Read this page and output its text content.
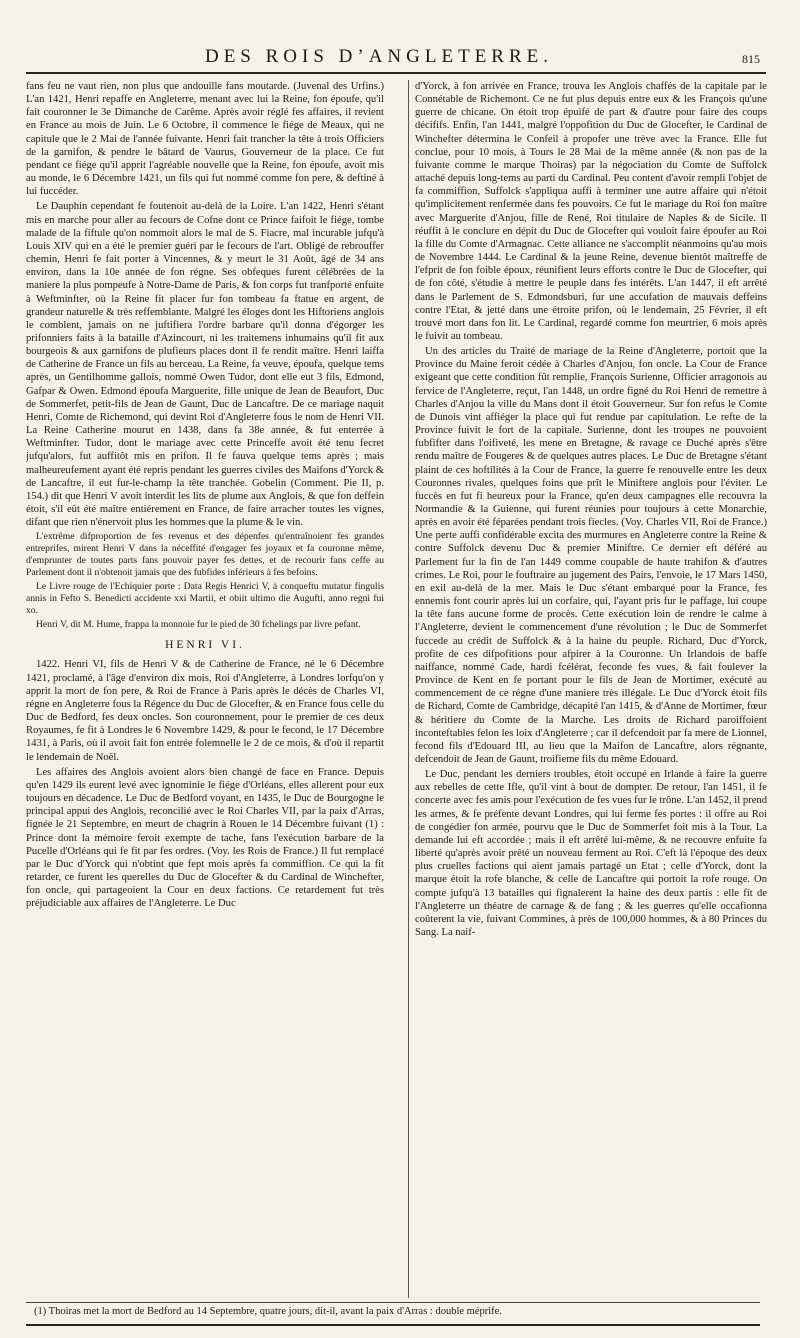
DES ROIS D’ANGLETERRE.	815

fans feu ne vaut rien, non plus que andouille fans moutarde. (Juvenal des Urfins.) L'an 1421, Henri repaffe en Angleterre, menant avec lui la Reine, fon époufe, qu'il fait couronner le 3e Dimanche de Carême. Après avoir réglé fes affaires, il revient en France au mois de Juin. Le 6 Octobre, il commence le fiége de Meaux, qui ne capitule que le 2 Mai de l'année fuivante. Henri fait trancher la tête à trois Officiers de la garnifon, & pendre le bâtard de Vaurus, Gouverneur de la place. Ce fut pendant ce fiége qu'il apprit l'agréable nouvelle que la Reine, fon époufe, avoit mis au monde, le 6 Décembre 1421, un fils qui fut nommé comme fon pere, & deftiné à lui fuccéder.

Le Dauphin cependant fe foutenoit au-delà de la Loire. L'an 1422, Henri s'étant mis en marche pour aller au fecours de Cofne dont ce Prince faifoit le fiége, tombe malade de la fiftule qu'on nommoit alors le mal de S. Fiacre, mal incurable jufqu'à Louis XIV qui en a été le premier guéri par le fecours de l'art. Obligé de rebrouffer chemin, Henri fe fait porter à Vincennes, & y meurt le 31 Août, âgé de 34 ans environ, dans la 10e année de fon régne. Ses obfeques furent célébrées de la maniere la plus pompeufe à Notre-Dame de Paris, & fon corps fut tranfporté enfuite à Weftminfter, où la Reine fit placer fur fon tombeau fa ftatue en argent, de grandeur naturelle & très reffemblante. Malgré les éloges dont les Hiftoriens anglois le comblent, jamais on ne juftifiera l'ordre barbare qu'il donna d'égorger les prifonniers faits à la bataille d'Azincourt, ni les traitemens inhumains qu'il fit aux bourgeois & aux garnifons de plufieurs places dont il fe rendit maître. Henri laiffa de Catherine de France un fils au berceau. La Reine, fa veuve, époufa, quelque tems après, un Gentilhomme gallois, nommé Owen Tudor, dont elle eut 3 fils, Edmond, Gafpar & Owen. Edmond époufa Marguerite, fille unique de Jean de Beaufort, Duc de Sommerfet, petit-fils de Jean de Gaunt, Duc de Lancaftre. De ce mariage naquit Henri, Comte de Richemond, qui devint Roi d'Angleterre fous le nom de Henri VII. La Reine Catherine mourut en 1438, dans fa 38e année, & fut enterrée à Weftminfter. Tudor, dont le mariage avec cette Princeffe avoit été tenu fecret jufqu'alors, fut auffitôt mis en prifon. Il fe fauva quelque tems après ; mais malheureufement ayant été repris pendant les guerres civiles des Maifons d'Yorck & de Lancaftre, il eut fur-le-champ la tête tranchée. Gobelin (Comment. Pie II, p. 154.) dit que Henri V avoit interdit les lits de plume aux Anglois, & que fon deffein étoit, s'il eût été maître entiérement en France, de faire arracher toutes les vignes, difant que rien n'énervoit plus les hommes que la plume & le vin.

L'extrême difproportion de fes revenus et des dépenfes qu'entraînoient fes grandes entreprifes, mirent Henri V dans la néceffité d'engager fes joyaux et fa couronne même, d'emprunter de toutes parts fans pouvoir payer fes dettes, et de recourir fans ceffe au Parlement dont il n'obtenoit jamais que des fubfides inférieurs à fes befoins.

Le Livre rouge de l'Echiquier porte : Data Regis Henrici V, à conqueftu mutatur fingulis annis in Fefto S. Benedicti accidente xxi Martii, et obiit ultimo die Augufti, anno regni fui xo.

Henri V, dit M. Hume, frappa la monnoie fur le pied de 30 fchelings par livre pefant.

HENRI VI.

1422. Henri VI, fils de Henri V & de Catherine de France, né le 6 Décembre 1421, proclamé, à l'âge d'environ dix mois, Roi d'Angleterre, à Londres lorfqu'on y apprit la mort de fon pere, & Roi de France à Paris après le décès de Charles VI, régne en Angleterre fous la Régence du Duc de Glocefter, & en France fous celle du Duc de Bedford, fes deux oncles. Son couronnement, pour le premier de ces deux Royaumes, fe fit à Londres le 6 Novembre 1429, & pour le fecond, le 17 Décembre 1431, à Paris, où il avoit fait fon entrée folemnelle le 2 de ce mois, & d'où il repartit le lendemain de Noël.

Les affaires des Anglois avoient alors bien changé de face en France. Depuis qu'en 1429 ils eurent levé avec ignominie le fiége d'Orléans, elles allerent pour eux toujours en décadence. Le Duc de Bedford voyant, en 1435, le Duc de Bourgogne le principal appui des Anglois, reconcilié avec le Roi Charles VII, par la paix d'Arras, fignée le 21 Septembre, en meurt de chagrin à Rouen le 14 Décembre fuivant (1) : Prince dont la mémoire feroit exempte de tache, fans l'exécution barbare de la Pucelle d'Orléans qui fe fit par fes ordres. (Voy. les Rois de France.) Il fut remplacé par le Duc d'Yorck qui n'obtint que fept mois après fa commiffion. Ce qui la fit retarder, ce furent les querelles du Duc de Glocefter & du Cardinal de Winchefter, fon oncle, qui partageoient la Cour en deux factions. Ce retardement fut très préjudiciable aux affaires de l'Angleterre. Le Duc

d'Yorck, à fon arrivée en France, trouva les Anglois chaffés de la capitale par le Connétable de Richemont. Ce ne fut plus depuis entre eux & les François qu'une guerre de chicane. On étoit trop épuifé de part & d'autre pour faire des coups décififs. Enfin, l'an 1441, malgré l'oppofition du Duc de Glocefter, le Cardinal de Winchefter détermina le Confeil à propofer une trève avec la France. Elle fut conclue, pour 10 mois, à Tours le 28 Mai de la même année (& non pas de la fuivante comme le marque Thoiras) par la négociation du Comte de Suffolck attaché depuis long-tems au parti du Cardinal. Peu content d'avoir rempli l'objet de fa commiffion, Suffolck s'appliqua auffi à terminer une autre affaire qui n'étoit qu'implicitement renfermée dans fes pouvoirs. Ce fut le mariage du Roi fon maître avec Marguerite d'Anjou, fille de René, Roi titulaire de Naples & de Sicile. Il réuffit à le conclure en dépit du Duc de Glocefter qui vouloit faire époufer au Roi la fille du Comte d'Armagnac. Cette alliance ne s'accomplit néanmoins qu'au mois de Novembre 1444. Le Cardinal & la jeune Reine, devenue bientôt maîtreffe de l'efprit de fon foible époux, réunifient leurs efforts contre le Duc de Glocefter, qui de fon côté, s'étudie à mettre le peuple dans fes intérêts. L'an 1447, il eft arrêté dans le Parlement de S. Edmondsburi, fur une accufation de mauvais deffeins contre l'Etat, & jetté dans une étroite prifon, où le lendemain, 25 Février, il eft trouvé mort dans fon lit. Le Cardinal, regardé comme fon meurtrier, 6 mois après le fuivit au tombeau.

Un des articles du Traité de mariage de la Reine d'Angleterre, portoit que la Province du Maine feroit cédée à Charles d'Anjou, fon oncle. La Cour de France exigeant que cette condition fût remplie, François Surienne, Officier arragonois au fervice de l'Angleterre, reçut, l'an 1448, un ordre figné du Roi Henri de remettre à Charles d'Anjou la ville du Mans dont il étoit Gouverneur. Sur fon refus le Comte de Dunois vint affiéger la place qui fut rendue par capitulation. Le refte de la Province fuivit le fort de la capitale. Surienne, dont les troupes ne pouvoient fubfifter dans l'oifiveté, les mene en Bretagne, & ravage ce Duché après s'être rendu maître de Fougeres & de quelques autres places. Le Duc de Bretagne s'étant plaint de ces hoftilités à la Cour de France, la guerre fe renouvelle entre les deux Couronnes rivales, quelques foins que prît le Miniftere anglois pour l'éviter. Le fuccès en fut fi heureux pour la France, qu'en deux campagnes elle recouvra la Normandie & la Guienne, qui furent réunies pour toujours à cette Monarchie, après en avoir été féparées pendant trois fiecles. (Voy. Charles VII, Roi de France.) Une perte auffi confidérable excita des murmures en Angleterre contre la Reine & contre Suffolck devenu Duc & premier Miniftre. Ce dernier eft déféré au Parlement fur la fin de l'an 1449 comme coupable de haute trahifon & d'autres crimes. Le Roi, pour le fouftraire au jugement des Pairs, l'envoie, le 17 Mars 1450, en exil au-delà de la mer. Mais le Duc s'étant embarqué pour la France, fes ennemis font courir après lui un corfaire, qui, l'ayant pris fur le paffage, lui coupe la tête fans aucune forme de procès. Cette exécution loin de rendre le calme à l'Angleterre, devient le commencement d'une révolution ; le Duc de Sommerfet fuccede au crédit de Suffolck & à la haine du peuple. Richard, Duc d'Yorck, profite de ces difpofitions pour afpirer à la Couronne. Un Irlandois de baffe naiffance, nommé Cade, hardi fcélérat, feconde fes vues, & fait foulever la Province de Kent en fe portant pour le fils de Jean de Mortimer, exécuté au commencement de ce régne d'une maniere très illégale. Le Duc d'Yorck étoit fils de Richard, Comte de Cambridge, décapité l'an 1415, & d'Anne de Mortimer, fœur & héritiere du Comte de la Marche. Les droits de Richard paroiffoient inconteftables felon les loix d'Angleterre ; car il defcendoit par fa mere de Lionnel, fecond fils d'Edouard III, au lieu que la Maifon de Lancaftre, alors régnante, defcendoit de Jean de Gaunt, troifieme fils du même Edouard.

Le Duc, pendant les derniers troubles, étoit occupé en Irlande à faire la guerre aux rebelles de cette Ifle, qu'il vint à bout de dompter. De retour, l'an 1451, il fe concerte avec fes amis pour l'exécution de fes vues fur le trône. L'an 1452, il prend les armes, & fe préfente devant Londres, qui lui ferme fes portes : il offre au Roi de congédier fon armée, pourvu que le Duc de Sommerfet foit mis à la Tour. La demande lui eft accordée ; mais il eft arrêté lui-même, & ne recouvre enfuite fa liberté qu'après avoir prêté un nouveau ferment au Roi. C'eft là l'époque des deux plus cruelles factions qui aient jamais partagé un Etat ; celle d'Yorck, dont la marque étoit la rofe blanche, & celle de Lancaftre qui portoit la rofe rouge. On compte jufqu'à 13 batailles qui fignalerent la haine des deux partis : elle fit de l'Angleterre un théatre de carnage & de fang ; & les guerres qu'elle occafionna coûterent la vie, fuivant Commines, à près de 100,000 hommes, & à 80 Princes du Sang. La naif-

(1) Thoiras met la mort de Bedford au 14 Septembre, quatre jours, dit-il, avant la paix d'Arras : double méprife.
